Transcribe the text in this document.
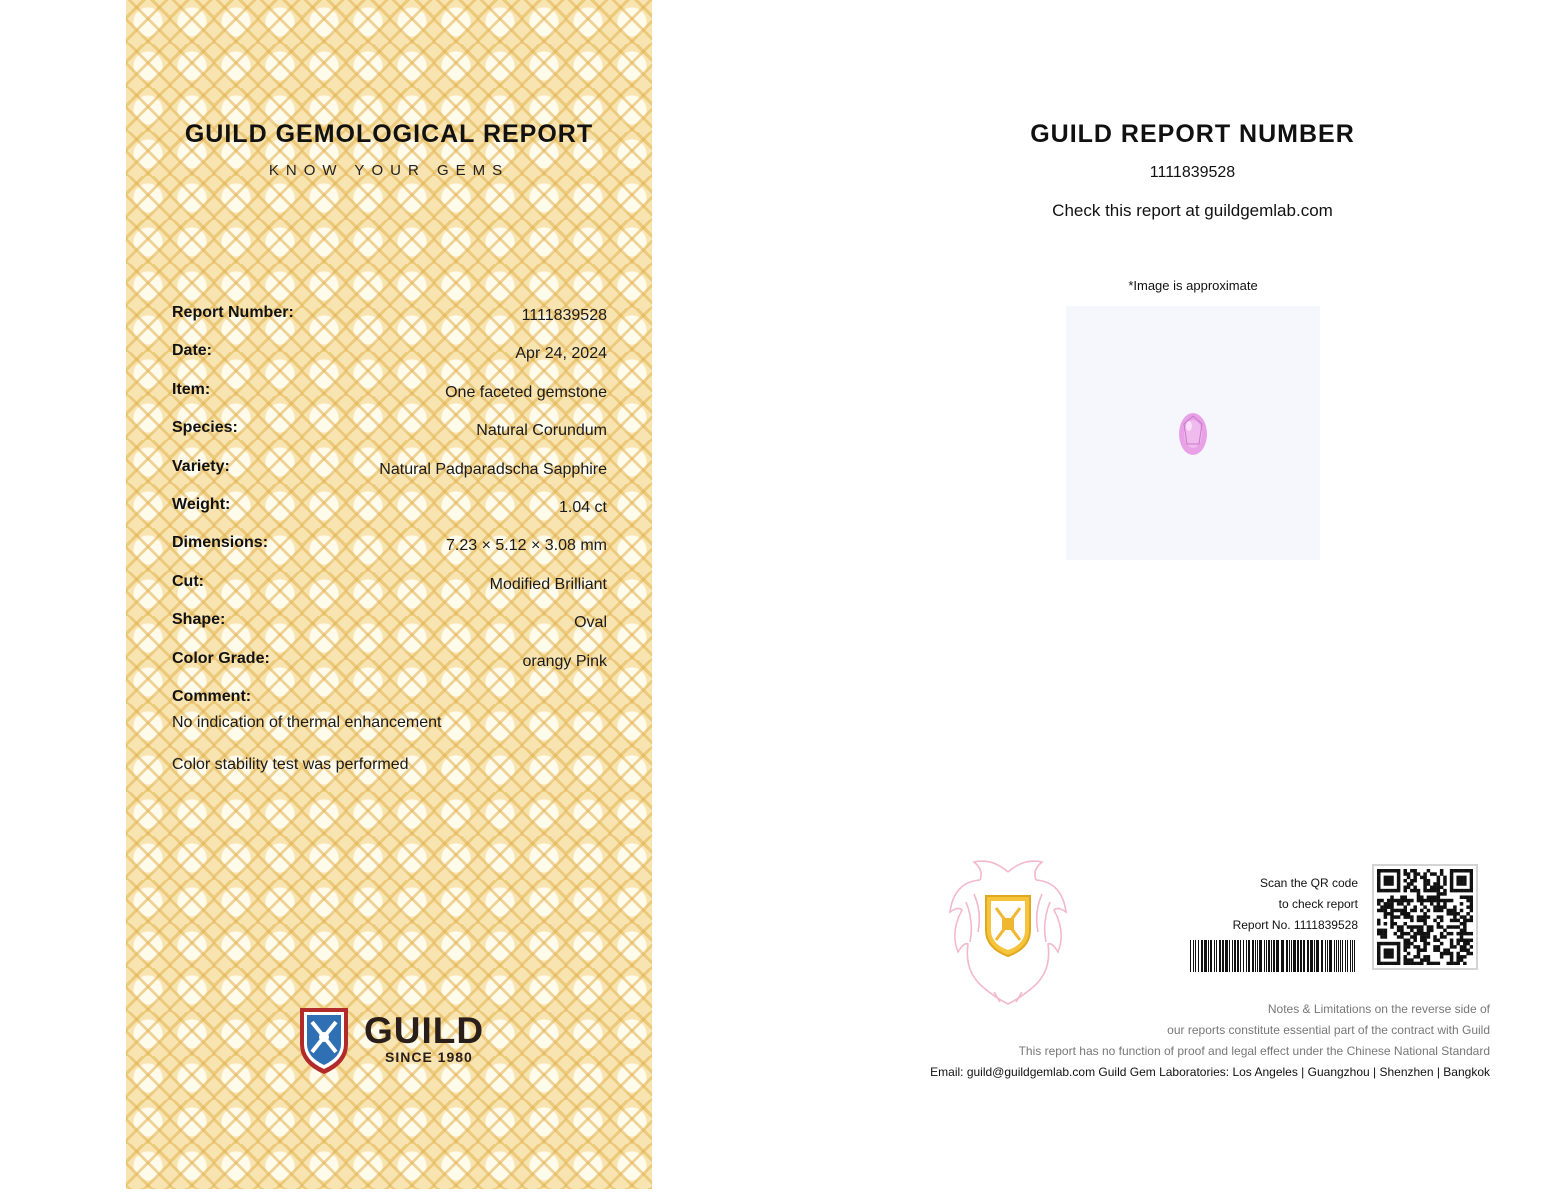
GUILD GEMOLOGICAL REPORT
KNOW YOUR GEMS
Report Number:	1111839528
Date:	Apr 24, 2024
Item:	One faceted gemstone
Species:	Natural Corundum
Variety:	Natural Padparadscha Sapphire
Weight:	1.04 ct
Dimensions:	7.23 × 5.12 × 3.08 mm
Cut:	Modified Brilliant
Shape:	Oval
Color Grade:	orangy Pink
Comment:
No indication of thermal enhancement
Color stability test was performed
GUILD
SINCE 1980
GUILD REPORT NUMBER
1111839528
Check this report at guildgemlab.com
*Image is approximate
Scan the QR code
to check report
Report No. 1111839528
Notes & Limitations on the reverse side of
our reports constitute essential part of the contract with Guild
This report has no function of proof and legal effect under the Chinese National Standard
Email: guild@guildgemlab.com Guild Gem Laboratories: Los Angeles | Guangzhou | Shenzhen | Bangkok
